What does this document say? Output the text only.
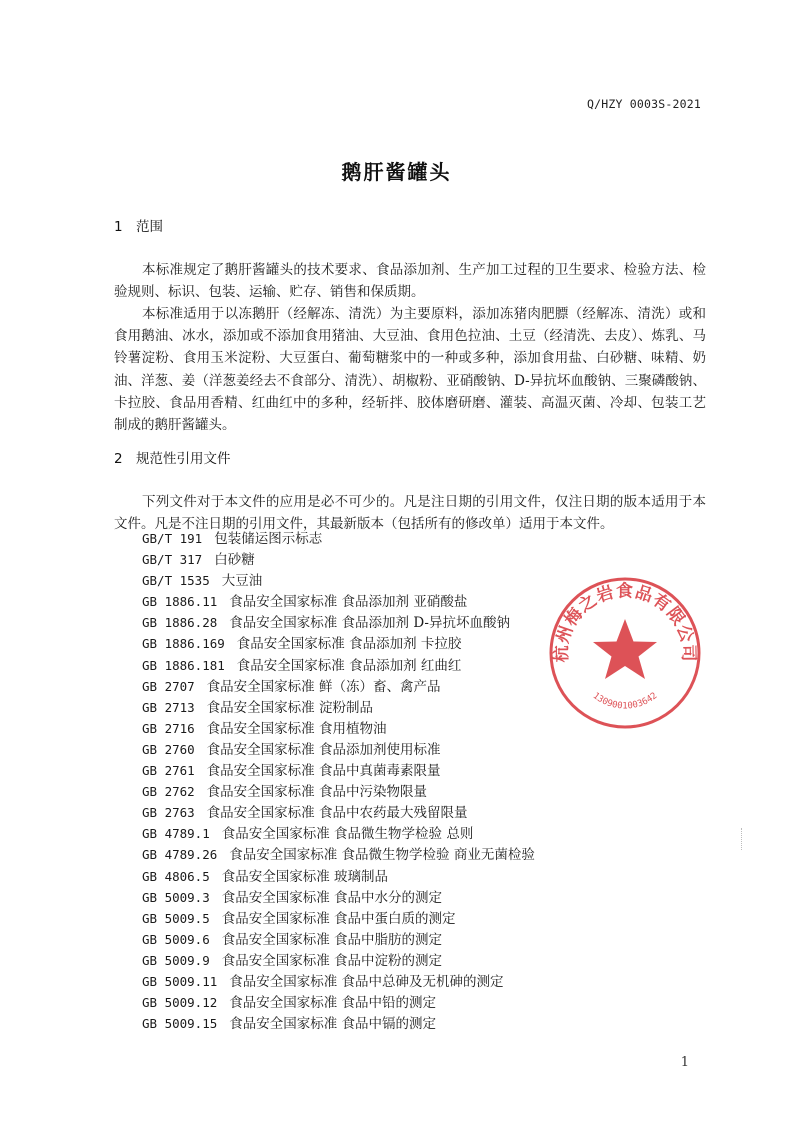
Q/HZY 0003S-2021
鹅肝酱罐头
1 范围

本标准规定了鹅肝酱罐头的技术要求、食品添加剂、生产加工过程的卫生要求、检验方法、检验规则、标识、包装、运输、贮存、销售和保质期。

本标准适用于以冻鹅肝（经解冻、清洗）为主要原料，添加冻猪肉肥膘（经解冻、清洗）或和食用鹅油、冰水，添加或不添加食用猪油、大豆油、食用色拉油、土豆（经清洗、去皮）、炼乳、马铃薯淀粉、食用玉米淀粉、大豆蛋白、葡萄糖浆中的一种或多种，添加食用盐、白砂糖、味精、奶油、洋葱、姜（洋葱姜经去不食部分、清洗）、胡椒粉、亚硝酸钠、D-异抗坏血酸钠、三聚磷酸钠、卡拉胶、食品用香精、红曲红中的多种，经斩拌、胶体磨研磨、灌装、高温灭菌、冷却、包装工艺制成的鹅肝酱罐头。

2 规范性引用文件

下列文件对于本文件的应用是必不可少的。凡是注日期的引用文件，仅注日期的版本适用于本文件。凡是不注日期的引用文件，其最新版本（包括所有的修改单）适用于本文件。

GB/T 191 包装储运图示标志
GB/T 317 白砂糖
GB/T 1535 大豆油
GB 1886.11 食品安全国家标准 食品添加剂 亚硝酸盐
GB 1886.28 食品安全国家标准 食品添加剂 D-异抗坏血酸钠
GB 1886.169 食品安全国家标准 食品添加剂 卡拉胶
GB 1886.181 食品安全国家标准 食品添加剂 红曲红
GB 2707 食品安全国家标准 鲜（冻）畜、禽产品
GB 2713 食品安全国家标准 淀粉制品
GB 2716 食品安全国家标准 食用植物油
GB 2760 食品安全国家标准 食品添加剂使用标准
GB 2761 食品安全国家标准 食品中真菌毒素限量
GB 2762 食品安全国家标准 食品中污染物限量
GB 2763 食品安全国家标准 食品中农药最大残留限量
GB 4789.1 食品安全国家标准 食品微生物学检验 总则
GB 4789.26 食品安全国家标准 食品微生物学检验 商业无菌检验
GB 4806.5 食品安全国家标准 玻璃制品
GB 5009.3 食品安全国家标准 食品中水分的测定
GB 5009.5 食品安全国家标准 食品中蛋白质的测定
GB 5009.6 食品安全国家标准 食品中脂肪的测定
GB 5009.9 食品安全国家标准 食品中淀粉的测定
GB 5009.11 食品安全国家标准 食品中总砷及无机砷的测定
GB 5009.12 食品安全国家标准 食品中铅的测定
GB 5009.15 食品安全国家标准 食品中镉的测定
杭州梅之岩食品有限公司
1309001003642
1
